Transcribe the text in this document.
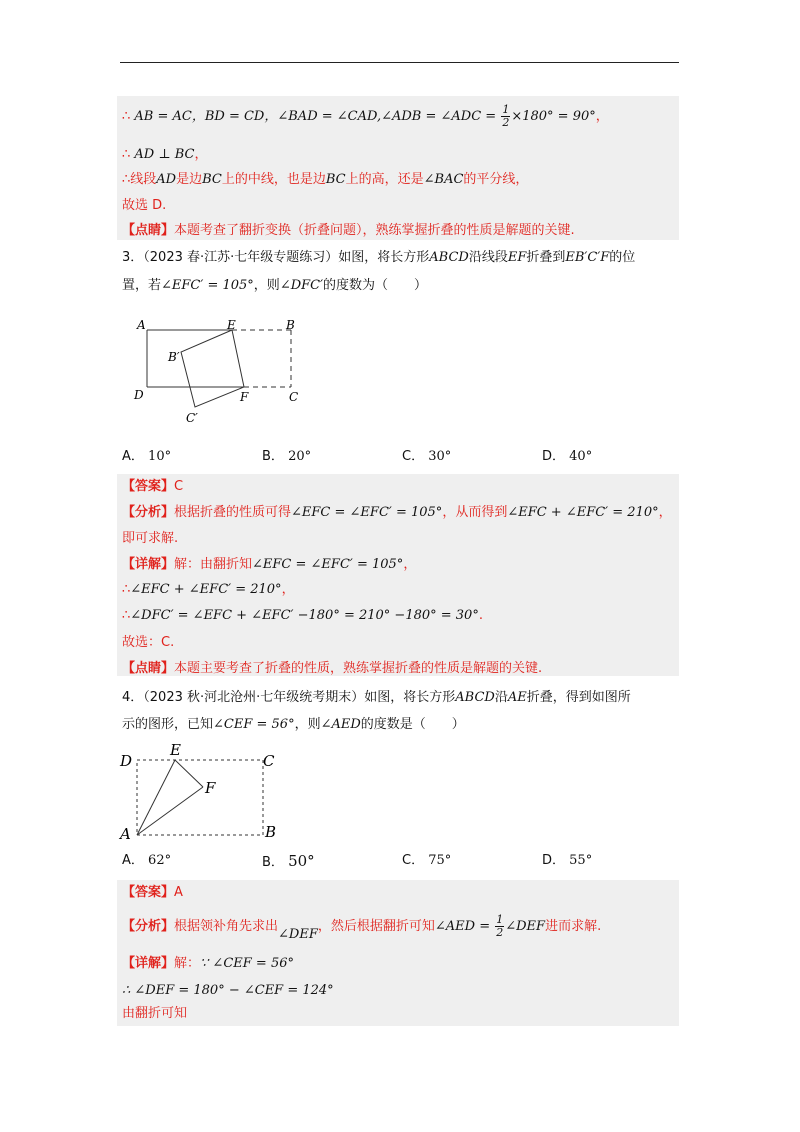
∴ AB = AC，BD = CD，∠BAD = ∠CAD,∠ADB = ∠ADC = $\frac{1}{2} \times 180^\circ = 90^\circ$，
∴ AD ⊥ BC，
∴线段AD是边BC上的中线，也是边BC上的高，还是∠BAC的平分线，
故选 D.
【点睛】本题考查了翻折变换（折叠问题），熟练掌握折叠的性质是解题的关键.
3．（2023 春·江苏·七年级专题练习）如图，将长方形ABCD沿线段EF折叠到EB′C′F的位
置，若∠EFC′ = 105°，则∠DFC′的度数为（　　）
A	E	B
B′
D	F	C
C′
A． 10°	B． 20°	C． 30°	D． 40°
【答案】C
【分析】根据折叠的性质可得∠EFC = ∠EFC′ = 105°，从而得到∠EFC + ∠EFC′ = 210°，
即可求解.
【详解】解：由翻折知∠EFC = ∠EFC′ = 105°，
∴∠EFC + ∠EFC′ = 210°，
∴∠DFC′ = ∠EFC + ∠EFC′ −180° = 210° −180° = 30°.
故选：C.
【点睛】本题主要考查了折叠的性质，熟练掌握折叠的性质是解题的关键.
4．（2023 秋·河北沧州·七年级统考期末）如图，将长方形ABCD沿AE折叠，得到如图所
示的图形，已知∠CEF = 56°，则∠AED的度数是（　　）
D
E
C
F
A	B
A． 62°	B． 50°	C． 75°	D． 55°
【答案】A
【分析】根据领补角先求出∠DEF，然后根据翻折可知∠AED = $\frac{1}{2}$ ∠DEF进而求解.
【详解】解：∵ ∠CEF = 56°
∴ ∠DEF = 180° − ∠CEF = 124°
由翻折可知
